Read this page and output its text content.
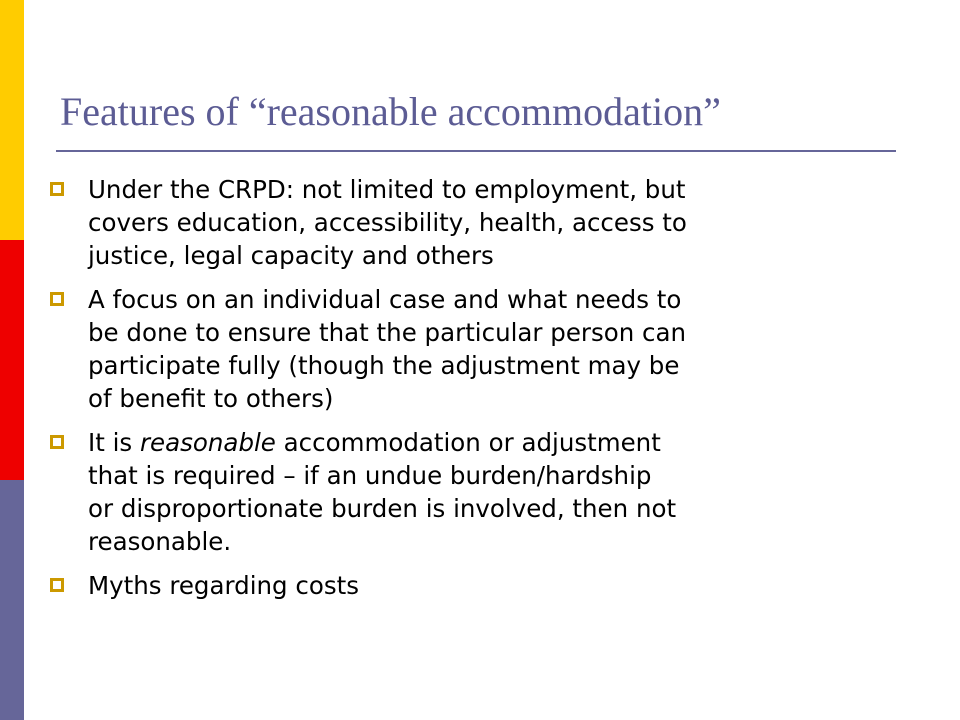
Features of “reasonable accommodation”
Under the CRPD: not limited to employment, but
covers education, accessibility, health, access to
justice, legal capacity and others
A focus on an individual case and what needs to
be done to ensure that the particular person can
participate fully (though the adjustment may be
of benefit to others)
It is reasonable accommodation or adjustment
that is required – if an undue burden/hardship
or disproportionate burden is involved, then not
reasonable.
Myths regarding costs
